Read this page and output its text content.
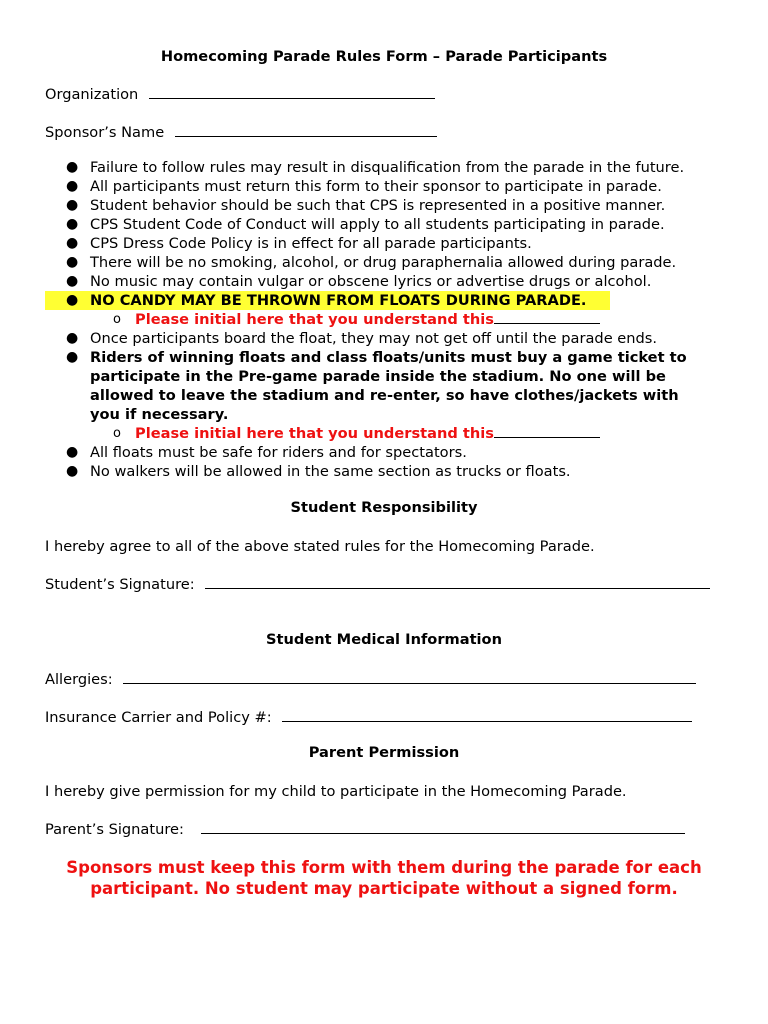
Homecoming Parade Rules Form – Parade Participants
Organization
Sponsor’s Name
● Failure to follow rules may result in disqualification from the parade in the future.
● All participants must return this form to their sponsor to participate in parade.
● Student behavior should be such that CPS is represented in a positive manner.
● CPS Student Code of Conduct will apply to all students participating in parade.
● CPS Dress Code Policy is in effect for all parade participants.
● There will be no smoking, alcohol, or drug paraphernalia allowed during parade.
● No music may contain vulgar or obscene lyrics or advertise drugs or alcohol.
● NO CANDY MAY BE THROWN FROM FLOATS DURING PARADE.
o Please initial here that you understand this
● Once participants board the float, they may not get off until the parade ends.
● Riders of winning floats and class floats/units must buy a game ticket to participate in the Pre-game parade inside the stadium. No one will be allowed to leave the stadium and re-enter, so have clothes/jackets with you if necessary.
o Please initial here that you understand this
● All floats must be safe for riders and for spectators.
● No walkers will be allowed in the same section as trucks or floats.
Student Responsibility
I hereby agree to all of the above stated rules for the Homecoming Parade.
Student’s Signature:
Student Medical Information
Allergies:
Insurance Carrier and Policy #:
Parent Permission
I hereby give permission for my child to participate in the Homecoming Parade.
Parent’s Signature:
Sponsors must keep this form with them during the parade for each
participant. No student may participate without a signed form.
